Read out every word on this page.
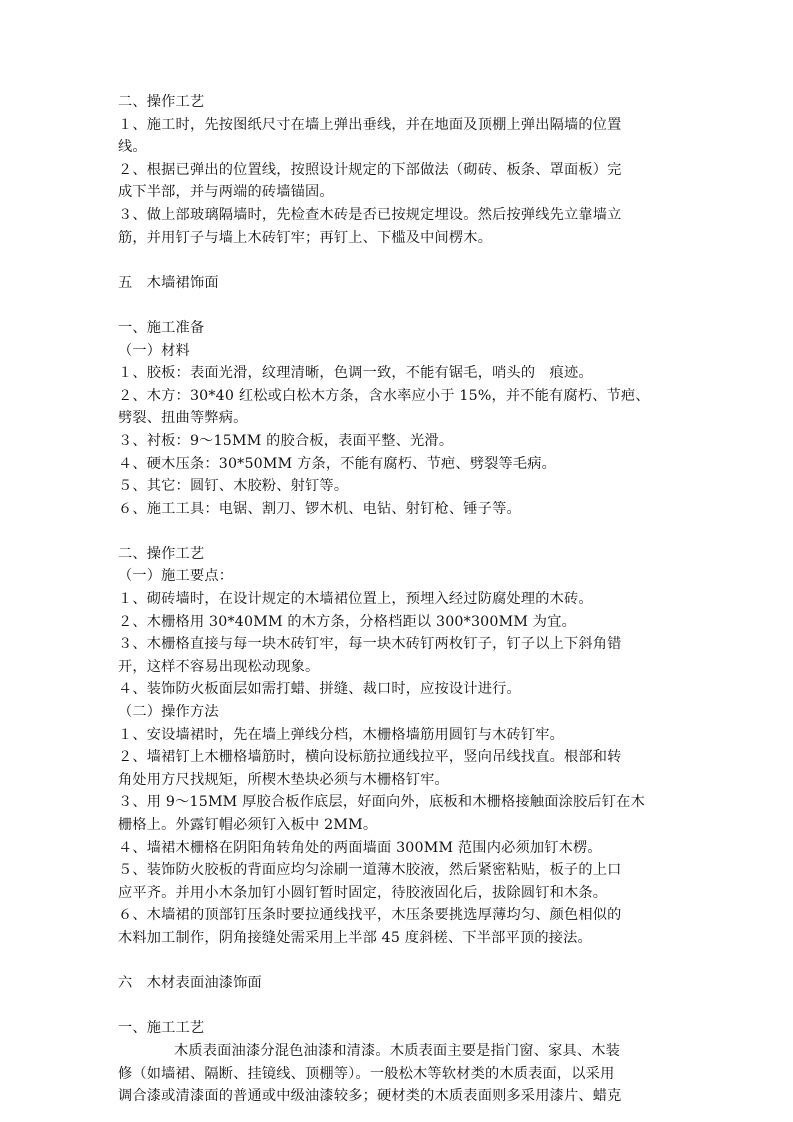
二、操作工艺
１、施工时，先按图纸尺寸在墙上弹出垂线，并在地面及顶棚上弹出隔墙的位置
线。
２、根据已弹出的位置线，按照设计规定的下部做法（砌砖、板条、罩面板）完
成下半部，并与两端的砖墙锚固。
３、做上部玻璃隔墙时，先检查木砖是否已按规定埋设。然后按弹线先立靠墙立
筋，并用钉子与墙上木砖钉牢；再钉上、下槛及中间楞木。
五　木墙裙饰面
一、施工准备
（一）材料
１、胶板：表面光滑，纹理清晰，色调一致，不能有锯毛，哨头的　痕迹。
２、木方：30*40 红松或白松木方条，含水率应小于 15%，并不能有腐朽、节疤、
劈裂、扭曲等弊病。
３、衬板：9～15MM 的胶合板，表面平整、光滑。
４、硬木压条：30*50MM 方条，不能有腐朽、节疤、劈裂等毛病。
５、其它：圆钉、木胶粉、射钉等。
６、施工工具：电锯、割刀、锣木机、电钻、射钉枪、锤子等。
二、操作工艺
（一）施工要点：
１、砌砖墙时，在设计规定的木墙裙位置上，预埋入经过防腐处理的木砖。
２、木栅格用 30*40MM 的木方条，分格档距以 300*300MM 为宜。
３、木栅格直接与每一块木砖钉牢，每一块木砖钉两枚钉子，钉子以上下斜角错
开，这样不容易出现松动现象。
４、装饰防火板面层如需打蜡、拼缝、裁口时，应按设计进行。
（二）操作方法
１、安设墙裙时，先在墙上弹线分档，木栅格墙筋用圆钉与木砖钉牢。
２、墙裙钉上木栅格墙筋时，横向设标筋拉通线拉平，竖向吊线找直。根部和转
角处用方尺找规矩，所楔木垫块必须与木栅格钉牢。
３、用 9～15MM 厚胶合板作底层，好面向外，底板和木栅格接触面涂胶后钉在木
栅格上。外露钉帽必须钉入板中 2MM。
４、墙裙木栅格在阴阳角转角处的两面墙面 300MM 范围内必须加钉木楞。
５、装饰防火胶板的背面应均匀涂刷一道薄木胶液，然后紧密粘贴，板子的上口
应平齐。并用小木条加钉小圆钉暂时固定，待胶液固化后，拔除圆钉和木条。
６、木墙裙的顶部钉压条时要拉通线找平，木压条要挑选厚薄均匀、颜色相似的
木料加工制作，阴角接缝处需采用上半部 45 度斜槎、下半部平顶的接法。
六　木材表面油漆饰面
一、施工工艺
木质表面油漆分混色油漆和清漆。木质表面主要是指门窗、家具、木装
修（如墙裙、隔断、挂镜线、顶棚等）。一般松木等软材类的木质表面，以采用
调合漆或清漆面的普通或中级油漆较多；硬材类的木质表面则多采用漆片、蜡克
